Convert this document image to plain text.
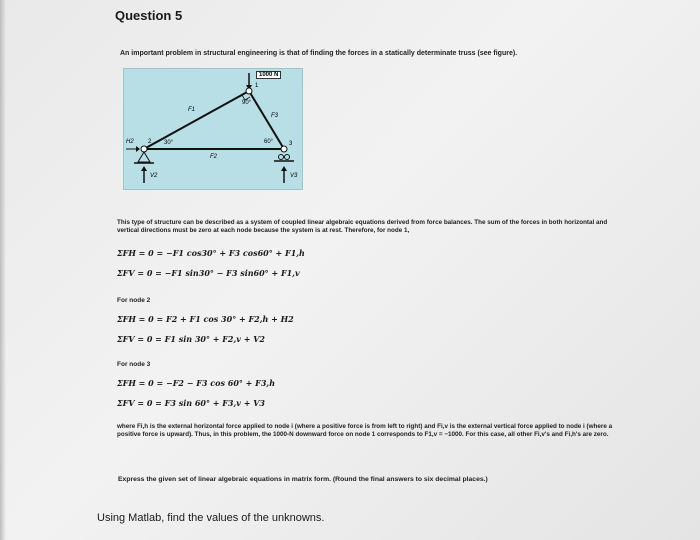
Question 5
An important problem in structural engineering is that of finding the forces in a statically determinate truss (see figure).
1000 N
1
90°
F1
F3
30°	60°
2	3
H2
F2
V2	V3
This type of structure can be described as a system of coupled linear algebraic equations derived from force balances. The sum of the forces in both horizontal and vertical directions must be zero at each node because the system is at rest. Therefore, for node 1,
ΣFH = 0 = −F1 cos30° + F3 cos60° + F1,h
ΣFV = 0 = −F1 sin30° − F3 sin60° + F1,v
For node 2
ΣFH = 0 = F2 + F1 cos 30° + F2,h + H2
ΣFV = 0 = F1 sin 30° + F2,v + V2
For node 3
ΣFH = 0 = −F2 − F3 cos 60° + F3,h
ΣFV = 0 = F3 sin 60° + F3,v + V3
where Fi,h is the external horizontal force applied to node i (where a positive force is from left to right) and Fi,v is the external vertical force applied to node i (where a positive force is upward). Thus, in this problem, the 1000-N downward force on node 1 corresponds to F1,v = −1000. For this case, all other Fi,v's and Fi,h's are zero.
Express the given set of linear algebraic equations in matrix form. (Round the final answers to six decimal places.)
Using Matlab, find the values of the unknowns.
